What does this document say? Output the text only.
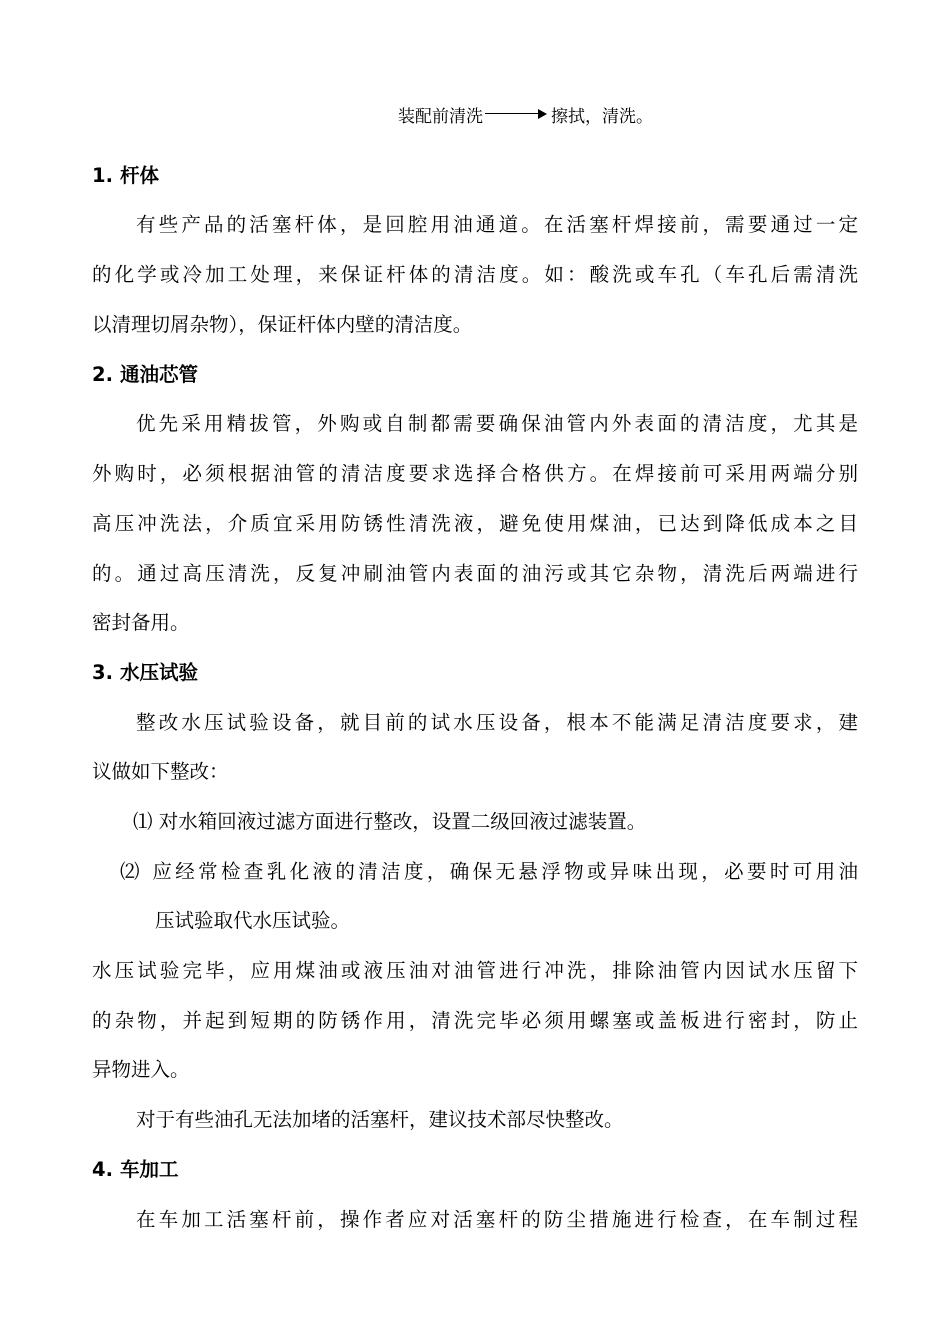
装配前清洗	擦拭，清洗。
1. 杆体
有些产品的活塞杆体，是回腔用油通道。在活塞杆焊接前，需要通过一定
的化学或冷加工处理，来保证杆体的清洁度。如：酸洗或车孔（车孔后需清洗
以清理切屑杂物），保证杆体内壁的清洁度。
2. 通油芯管
优先采用精拔管，外购或自制都需要确保油管内外表面的清洁度，尤其是
外购时，必须根据油管的清洁度要求选择合格供方。在焊接前可采用两端分别
高压冲洗法，介质宜采用防锈性清洗液，避免使用煤油，已达到降低成本之目
的。通过高压清洗，反复冲刷油管内表面的油污或其它杂物，清洗后两端进行
密封备用。
3. 水压试验
整改水压试验设备，就目前的试水压设备，根本不能满足清洁度要求，建
议做如下整改：
⑴ 对水箱回液过滤方面进行整改，设置二级回液过滤装置。
⑵ 应经常检查乳化液的清洁度，确保无悬浮物或异味出现，必要时可用油
压试验取代水压试验。
水压试验完毕，应用煤油或液压油对油管进行冲洗，排除油管内因试水压留下
的杂物，并起到短期的防锈作用，清洗完毕必须用螺塞或盖板进行密封，防止
异物进入。
对于有些油孔无法加堵的活塞杆，建议技术部尽快整改。
4. 车加工
在车加工活塞杆前，操作者应对活塞杆的防尘措施进行检查，在车制过程
